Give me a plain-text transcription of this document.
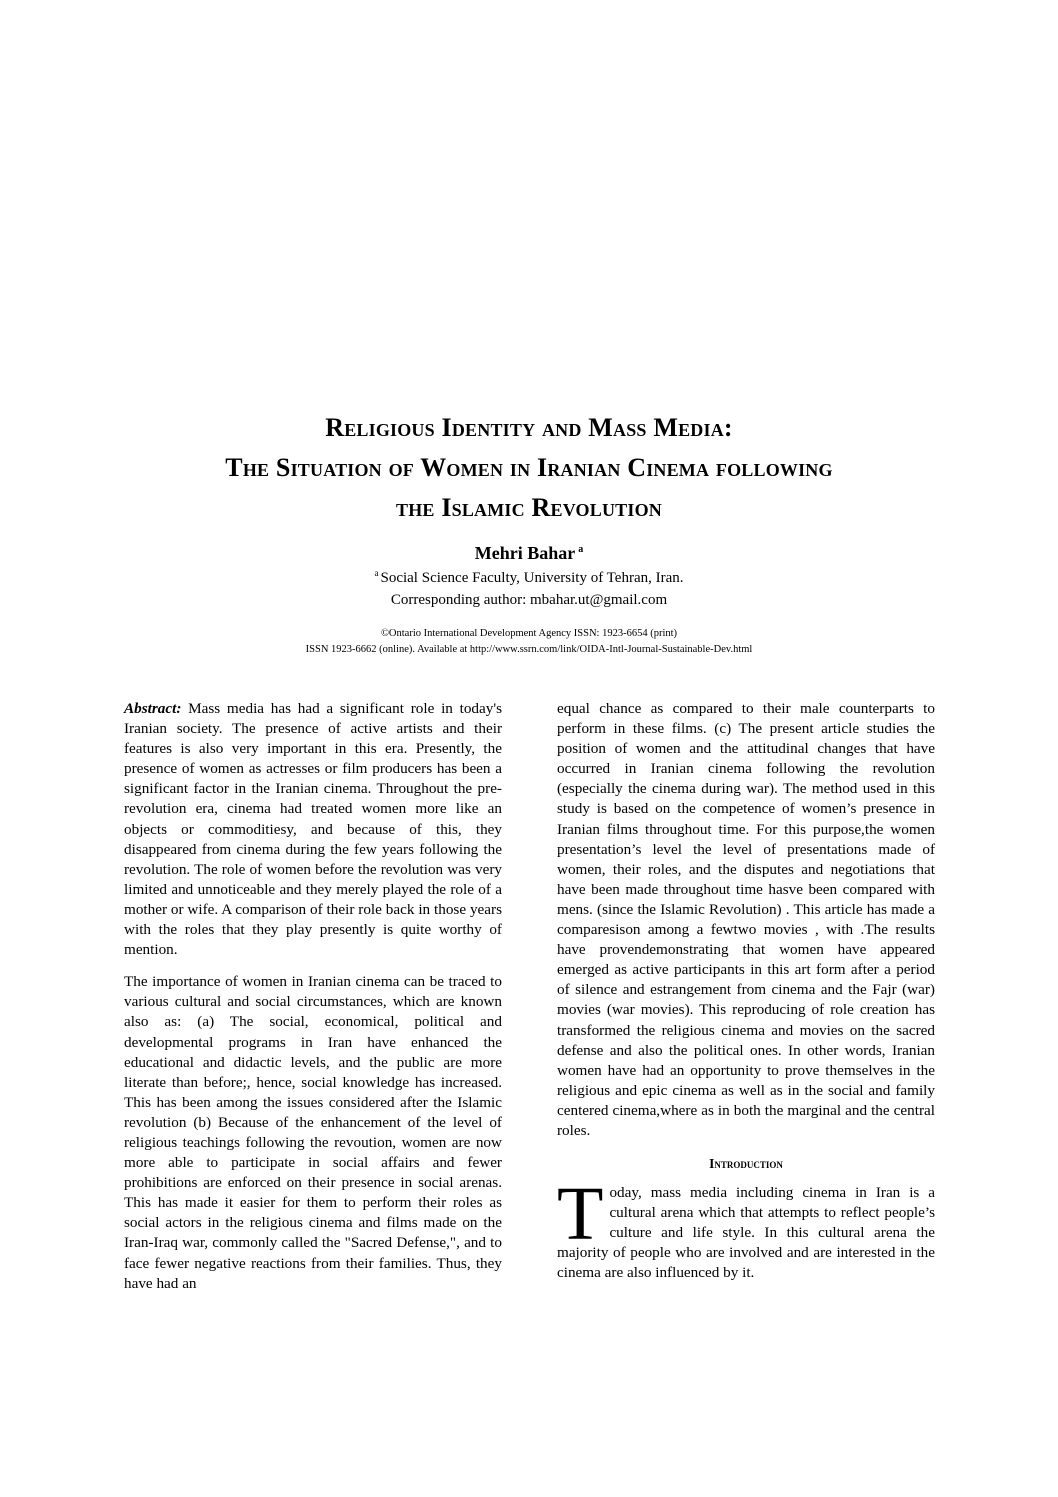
Religious Identity and Mass Media:
The Situation of Women in Iranian Cinema following
the Islamic Revolution
Mehri Bahar $^a$
$^a$ Social Science Faculty, University of Tehran, Iran.
Corresponding author: mbahar.ut@gmail.com
©Ontario International Development Agency ISSN: 1923-6654 (print)
ISSN 1923-6662 (online). Available at http://www.ssrn.com/link/OIDA-Intl-Journal-Sustainable-Dev.html

Abstract: Mass media has had a significant role in today's Iranian society. The presence of active artists and their features is also very important in this era. Presently, the presence of women as actresses or film producers has been a significant factor in the Iranian cinema. Throughout the pre-revolution era, cinema had treated women more like an objects or commoditiesy, and because of this, they disappeared from cinema during the few years following the revolution. The role of women before the revolution was very limited and unnoticeable and they merely played the role of a mother or wife. A comparison of their role back in those years with the roles that they play presently is quite worthy of mention.

The importance of women in Iranian cinema can be traced to various cultural and social circumstances, which are known also as: (a) The social, economical, political and developmental programs in Iran have enhanced the educational and didactic levels, and the public are more literate than before;, hence, social knowledge has increased. This has been among the issues considered after the Islamic revolution (b) Because of the enhancement of the level of religious teachings following the revoution, women are now more able to participate in social affairs and fewer prohibitions are enforced on their presence in social arenas. This has made it easier for them to perform their roles as social actors in the religious cinema and films made on the Iran-Iraq war, commonly called the "Sacred Defense,", and to face fewer negative reactions from their families. Thus, they have had an

equal chance as compared to their male counterparts to perform in these films. (c) The present article studies the position of women and the attitudinal changes that have occurred in Iranian cinema following the revolution (especially the cinema during war). The method used in this study is based on the competence of women’s presence in Iranian films throughout time. For this purpose,the women presentation’s level the level of presentations made of women, their roles, and the disputes and negotiations that have been made throughout time hasve been compared with mens. (since the Islamic Revolution) . This article has made a comparesison among a fewtwo movies , with .The results have provendemonstrating that women have appeared emerged as active participants in this art form after a period of silence and estrangement from cinema and the Fajr (war) movies (war movies). This reproducing of role creation has transformed the religious cinema and movies on the sacred defense and also the political ones. In other words, Iranian women have had an opportunity to prove themselves in the religious and epic cinema as well as in the social and family centered cinema,where as in both the marginal and the central roles.

Introduction

Today, mass media including cinema in Iran is a cultural arena which that attempts to reflect people’s culture and life style. In this cultural arena the majority of people who are involved and are interested in the cinema are also influenced by it.
